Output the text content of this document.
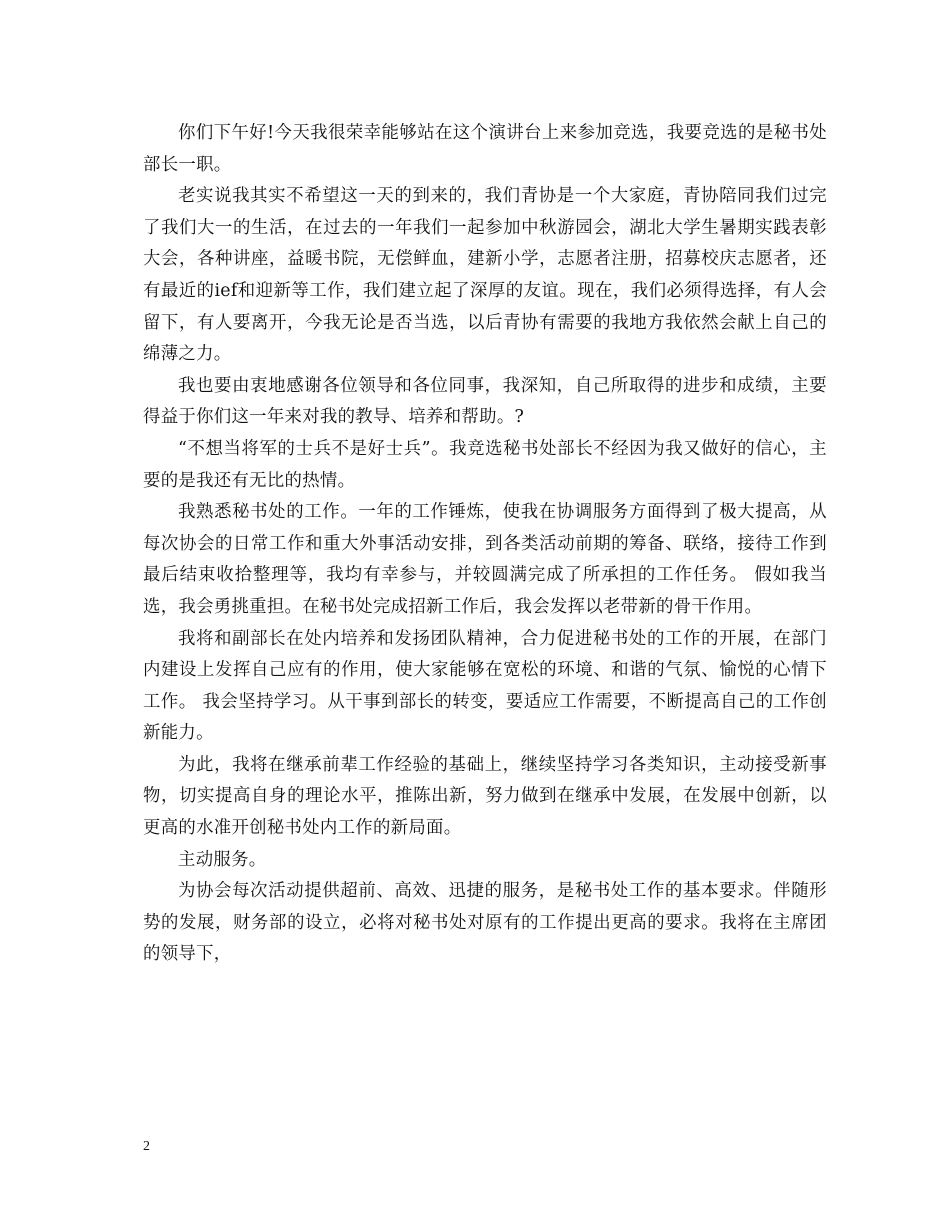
你们下午好!今天我很荣幸能够站在这个演讲台上来参加竞选，我要竞选的是秘书处部长一职。

老实说我其实不希望这一天的到来的，我们青协是一个大家庭，青协陪同我们过完了我们大一的生活，在过去的一年我们一起参加中秋游园会，湖北大学生暑期实践表彰大会，各种讲座，益暖书院，无偿鲜血，建新小学，志愿者注册，招募校庆志愿者，还有最近的ief和迎新等工作，我们建立起了深厚的友谊。现在，我们必须得选择，有人会留下，有人要离开，今我无论是否当选，以后青协有需要的我地方我依然会献上自己的绵薄之力。

我也要由衷地感谢各位领导和各位同事，我深知，自己所取得的进步和成绩，主要得益于你们这一年来对我的教导、培养和帮助。?

“不想当将军的士兵不是好士兵”。我竞选秘书处部长不经因为我又做好的信心，主要的是我还有无比的热情。

我熟悉秘书处的工作。一年的工作锤炼，使我在协调服务方面得到了极大提高，从每次协会的日常工作和重大外事活动安排，到各类活动前期的筹备、联络，接待工作到最后结束收拾整理等，我均有幸参与，并较圆满完成了所承担的工作任务。 假如我当选，我会勇挑重担。在秘书处完成招新工作后，我会发挥以老带新的骨干作用。

我将和副部长在处内培养和发扬团队精神，合力促进秘书处的工作的开展，在部门内建设上发挥自己应有的作用，使大家能够在宽松的环境、和谐的气氛、愉悦的心情下工作。 我会坚持学习。从干事到部长的转变，要适应工作需要，不断提高自己的工作创新能力。

为此，我将在继承前辈工作经验的基础上，继续坚持学习各类知识，主动接受新事物，切实提高自身的理论水平，推陈出新，努力做到在继承中发展，在发展中创新，以更高的水准开创秘书处内工作的新局面。

主动服务。

为协会每次活动提供超前、高效、迅捷的服务，是秘书处工作的基本要求。伴随形势的发展，财务部的设立，必将对秘书处对原有的工作提出更高的要求。我将在主席团的领导下，

2
